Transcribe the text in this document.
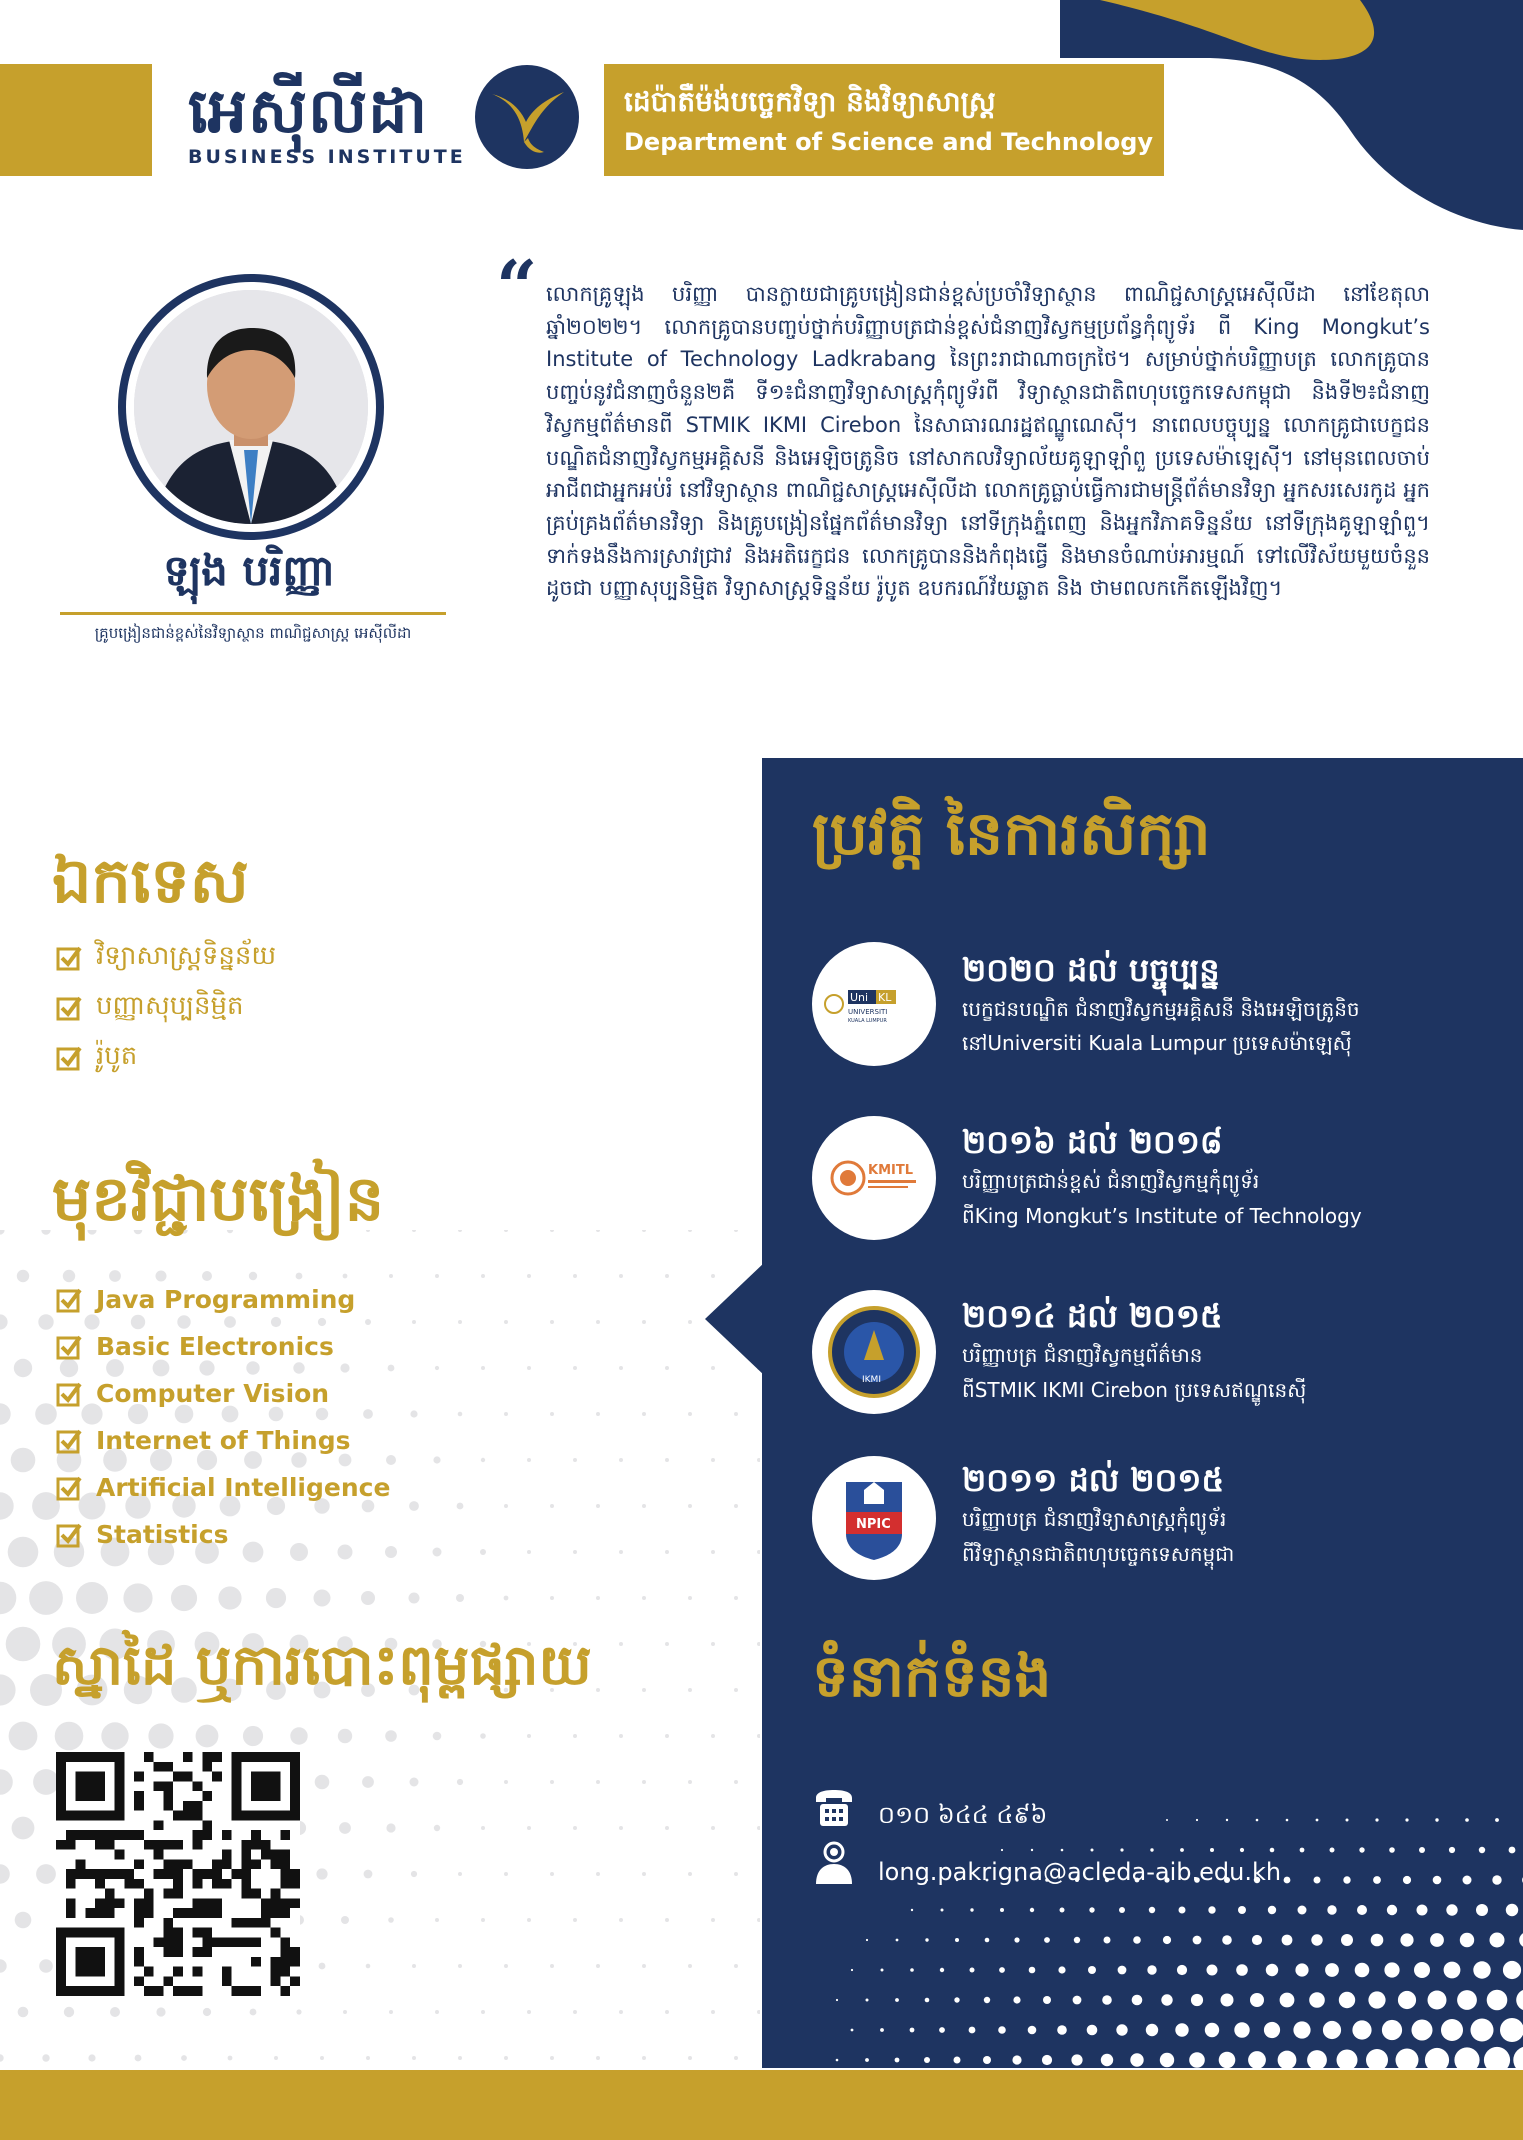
អេស៊ីលីដា
BUSINESS INSTITUTE
ដេប៉ាតឺម៉ង់បច្ចេកវិទ្យា និងវិទ្យាសាស្ត្រ
Department of Science and Technology
ឡុង បរិញ្ញា
គ្រូបង្រៀនជាន់ខ្ពស់នៃវិទ្យាស្ថាន ពាណិជ្ជសាស្ត្រ អេស៊ីលីដា
“ លោកគ្រូឡុង បរិញ្ញា បានក្លាយជាគ្រូបង្រៀនជាន់ខ្ពស់ប្រចាំវិទ្យាស្ថាន ពាណិជ្ជសាស្ត្រអេស៊ីលីដា នៅខែតុលាឆ្នាំ២០២២។ លោកគ្រូបានបញ្ចប់ថ្នាក់បរិញ្ញាបត្រជាន់ខ្ពស់ជំនាញវិស្វកម្មប្រព័ន្ធកុំព្យូទ័រ ពី King Mongkut’s Institute of Technology Ladkrabang នៃព្រះរាជាណាចក្រថៃ។ សម្រាប់ថ្នាក់បរិញ្ញាបត្រ លោកគ្រូបានបញ្ចប់នូវជំនាញចំនួន២គឺ ទី១៖ជំនាញវិទ្យាសាស្ត្រកុំព្យូទ័រពី វិទ្យាស្ថានជាតិពហុបច្ចេកទេសកម្ពុជា និងទី២៖ជំនាញវិស្វកម្មព័ត៌មានពី STMIK IKMI Cirebon នៃសាធារណរដ្ឋឥណ្ឌូណេស៊ី។ នាពេលបច្ចុប្បន្ន លោកគ្រូជាបេក្ខជនបណ្ឌិតជំនាញវិស្វកម្មអគ្គិសនី និងអេឡិចត្រូនិច នៅសាកលវិទ្យាល័យគូឡាឡាំពួ ប្រទេសម៉ាឡេស៊ី។ នៅមុនពេលចាប់អាជីពជាអ្នកអប់រំ នៅវិទ្យាស្ថាន ពាណិជ្ជសាស្ត្រអេស៊ីលីដា លោកគ្រូធ្លាប់ធ្វើការជាមន្ត្រីព័ត៌មានវិទ្យា អ្នកសរសេរកូដ អ្នកគ្រប់គ្រងព័ត៌មានវិទ្យា និងគ្រូបង្រៀនផ្នែកព័ត៌មានវិទ្យា នៅទីក្រុងភ្នំពេញ និងអ្នកវិភាគទិន្នន័យ នៅទីក្រុងគូឡាឡាំពួ។ ទាក់ទងនឹងការស្រាវជ្រាវ និងអតិរេក្ខជន លោកគ្រូបាននិងកំពុងធ្វើ និងមានចំណាប់អារម្មណ៍ ទៅលើវិស័យមួយចំនួនដូចជា បញ្ញាសុប្បនិម្មិត វិទ្យាសាស្ត្រទិន្នន័យ រ៉ូបូត ឧបករណ៍វ័យឆ្លាត និង ថាមពលកកើតឡើងវិញ។
ឯកទេស
វិទ្យាសាស្ត្រទិន្នន័យ
បញ្ញាសុប្បនិម្មិត
រ៉ូបូត
មុខវិជ្ជាបង្រៀន
Java Programming
Basic Electronics
Computer Vision
Internet of Things
Artificial Intelligence
Statistics
ស្នាដៃ ឬការបោះពុម្ពផ្សាយ
ប្រវត្តិ នៃការសិក្សា
Uni KL
UNIVERSITI
KUALA LUMPUR
២០២០ ដល់ បច្ចុប្បន្ន
បេក្ខជនបណ្ឌិត ជំនាញវិស្វកម្មអគ្គិសនី និងអេឡិចត្រូនិច
នៅUniversiti Kuala Lumpur ប្រទេសម៉ាឡេស៊ី
KMITL
២០១៦ ដល់ ២០១៨
បរិញ្ញាបត្រជាន់ខ្ពស់ ជំនាញវិស្វកម្មកុំព្យូទ័រ
ពីKing Mongkut’s Institute of Technology
IKMI
២០១៤ ដល់ ២០១៥
បរិញ្ញាបត្រ ជំនាញវិស្វកម្មព័ត៌មាន
ពីSTMIK IKMI Cirebon ប្រទេសឥណ្ឌូនេស៊ី
NPIC
២០១១ ដល់ ២០១៥
បរិញ្ញាបត្រ ជំនាញវិទ្យាសាស្ត្រកុំព្យូទ័រ
ពីវិទ្យាស្ថានជាតិពហុបច្ចេកទេសកម្ពុជា
ទំនាក់ទំនង
០១០ ៦៤៤ ៤៩៦
long.pakrigna@acleda-aib.edu.kh
